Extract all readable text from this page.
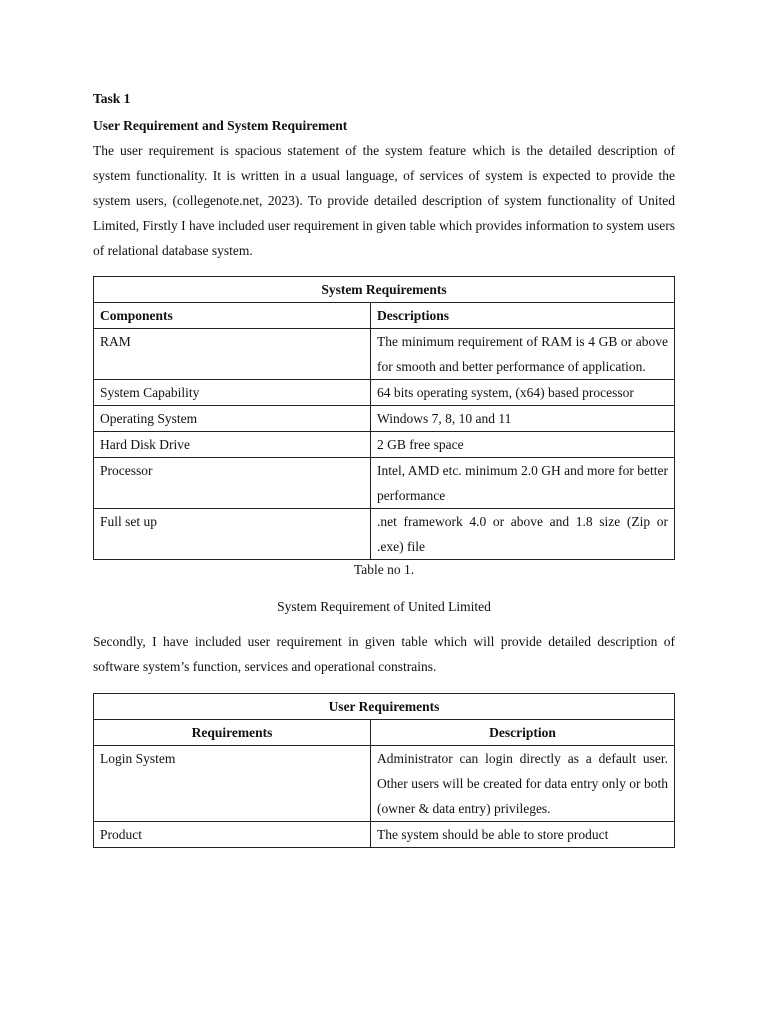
Task 1

User Requirement and System Requirement

The user requirement is spacious statement of the system feature which is the detailed description of system functionality. It is written in a usual language, of services of system is expected to provide the system users, (collegenote.net, 2023). To provide detailed description of system functionality of United Limited, Firstly I have included user requirement in given table which provides information to system users of relational database system.

System Requirements	
Components	Descriptions
RAM	The minimum requirement of RAM is 4 GB or above for smooth and better performance of application.
System Capability	64 bits operating system, (x64) based processor
Operating System	Windows 7, 8, 10 and 11
Hard Disk Drive	2 GB free space
Processor	Intel, AMD etc. minimum 2.0 GH and more for better performance
Full set up	.net framework 4.0 or above and 1.8 size (Zip or .exe) file

Table no 1.

System Requirement of United Limited

Secondly, I have included user requirement in given table which will provide detailed description of software system’s function, services and operational constrains.

User Requirements	
Requirements	Description
Login System	Administrator can login directly as a default user. Other users will be created for data entry only or both (owner & data entry) privileges.
Product	The system should be able to store product
